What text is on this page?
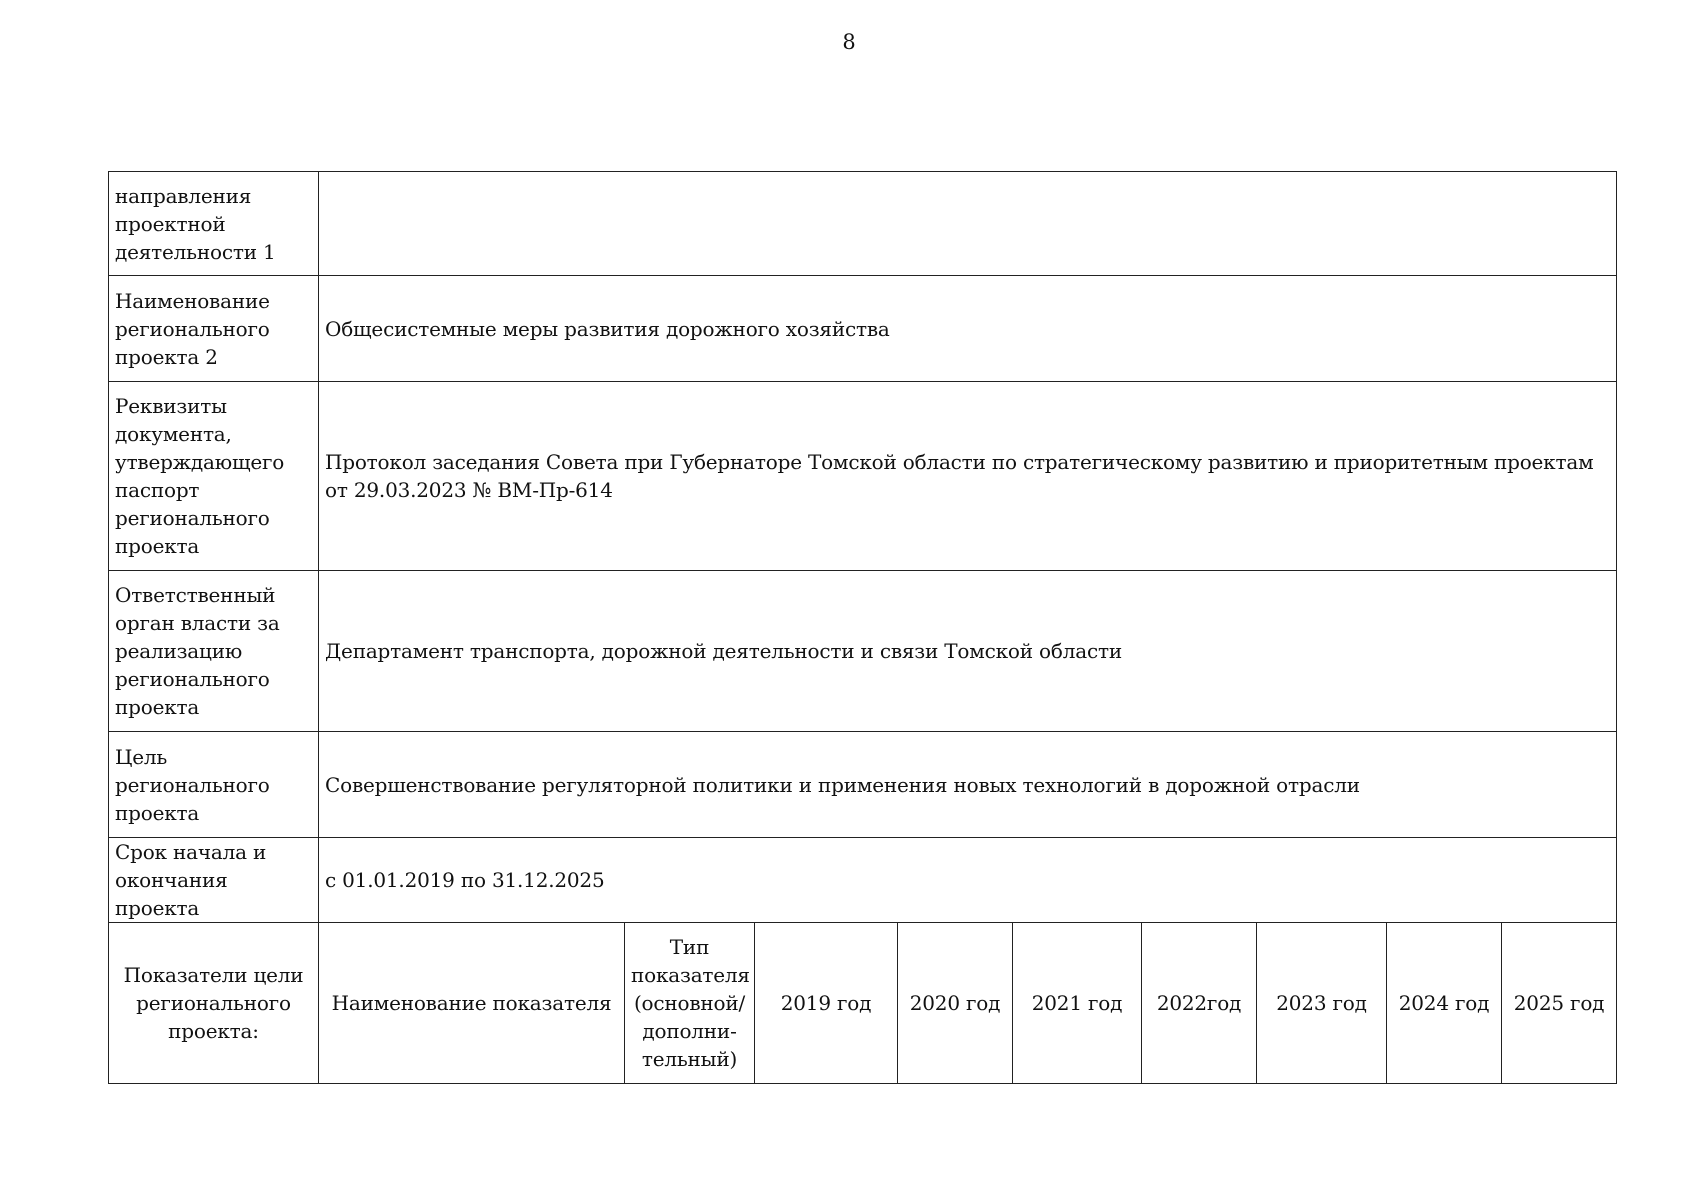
8
направления проектной деятельности 1									
Наименование регионального проекта 2	Общесистемные меры развития дорожного хозяйства								
Реквизиты документа, утверждающего паспорт регионального проекта	Протокол заседания Совета при Губернаторе Томской области по стратегическому развитию и приоритетным проектам от 29.03.2023 № ВМ-Пр-614								
Ответственный орган власти за реализацию регионального проекта	Департамент транспорта, дорожной деятельности и связи Томской области								
Цель регионального проекта	Совершенствование регуляторной политики и применения новых технологий в дорожной отрасли								
Срок начала и окончания проекта	с 01.01.2019 по 31.12.2025								
Показатели цели регионального проекта:	Наименование показателя	Тип показателя (основной/ дополни-тельный)	2019 год	2020 год	2021 год	2022год	2023 год	2024 год	2025 год
